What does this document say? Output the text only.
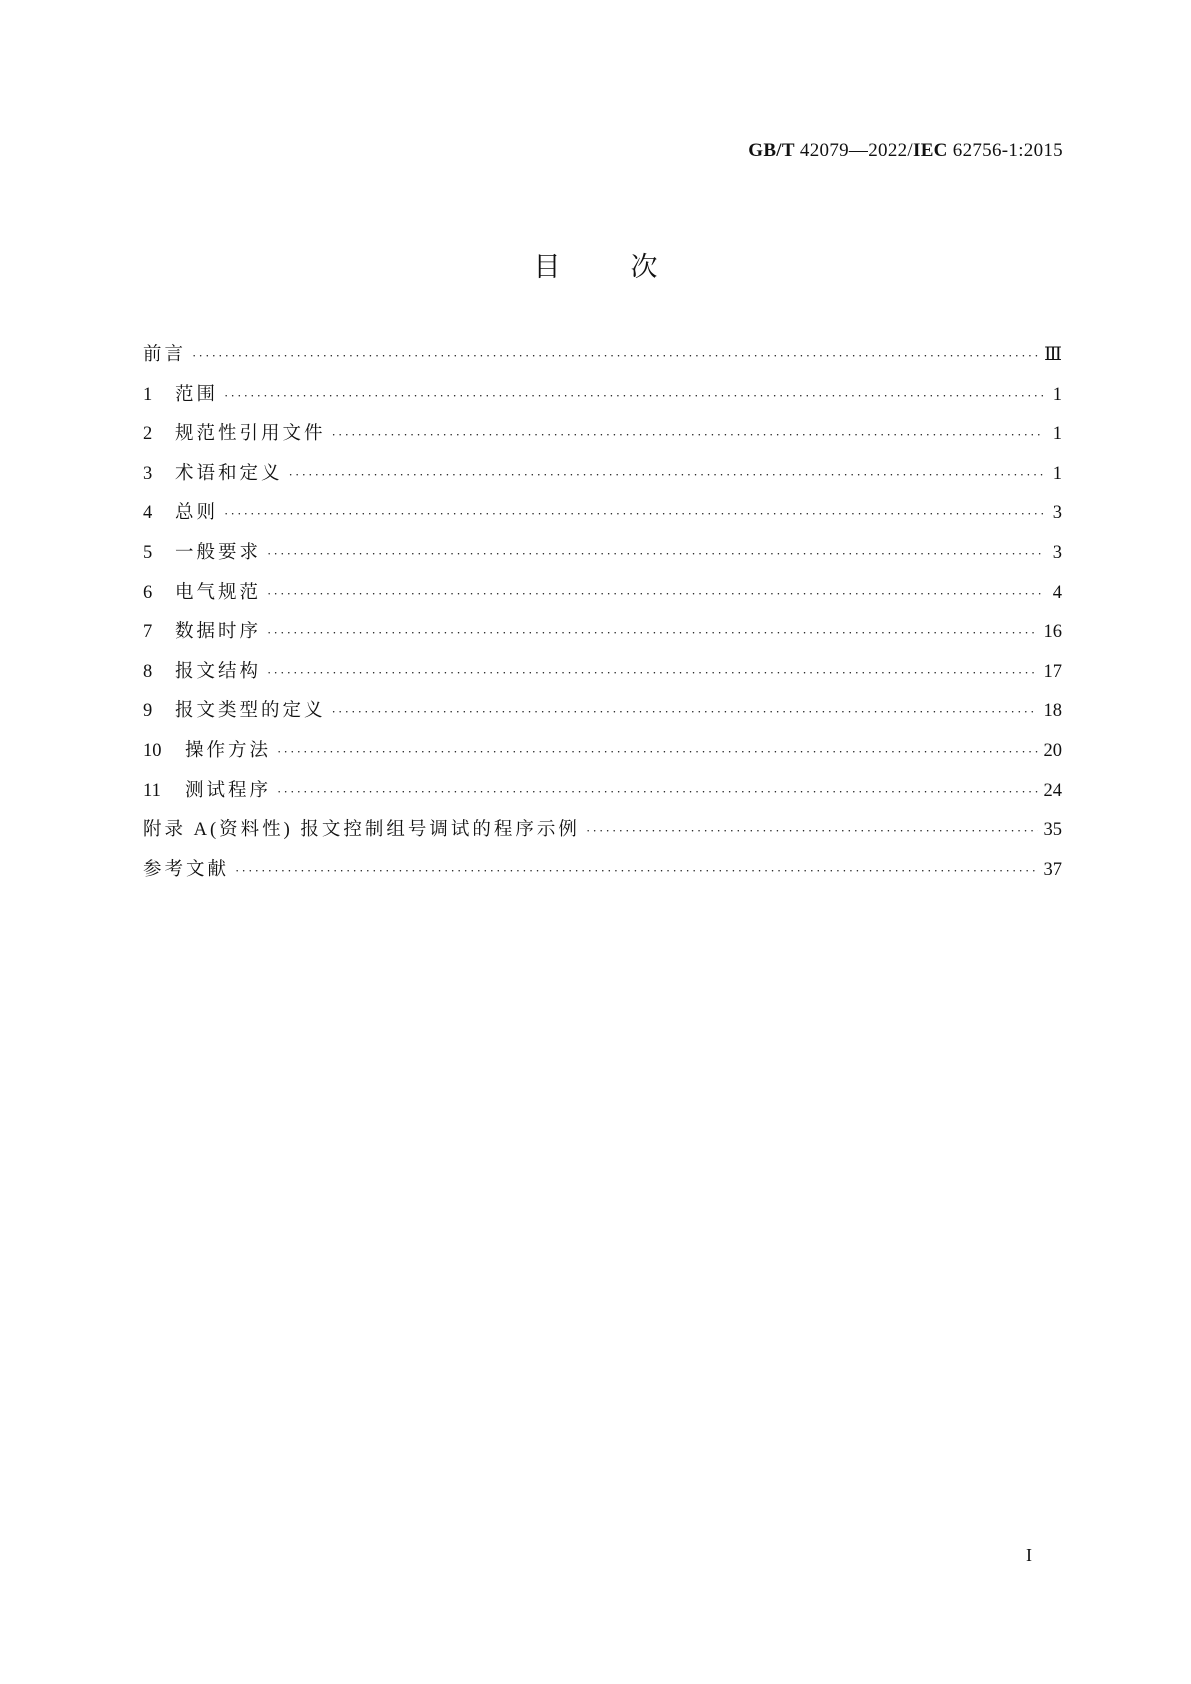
GB/T 42079—2022/IEC 62756-1:2015
目	次
前言 ·····	Ⅲ
1	范围 ·····	1
2	规范性引用文件 ·····	1
3	术语和定义 ·····	1
4	总则 ·····	3
5	一般要求 ·····	3
6	电气规范 ·····	4
7	数据时序 ·····	16
8	报文结构 ·····	17
9	报文类型的定义 ·····	18
10	操作方法 ·····	20
11	测试程序 ·····	24
附录 A(资料性) 报文控制组号调试的程序示例 ·····	35
参考文献 ·····	37
I
